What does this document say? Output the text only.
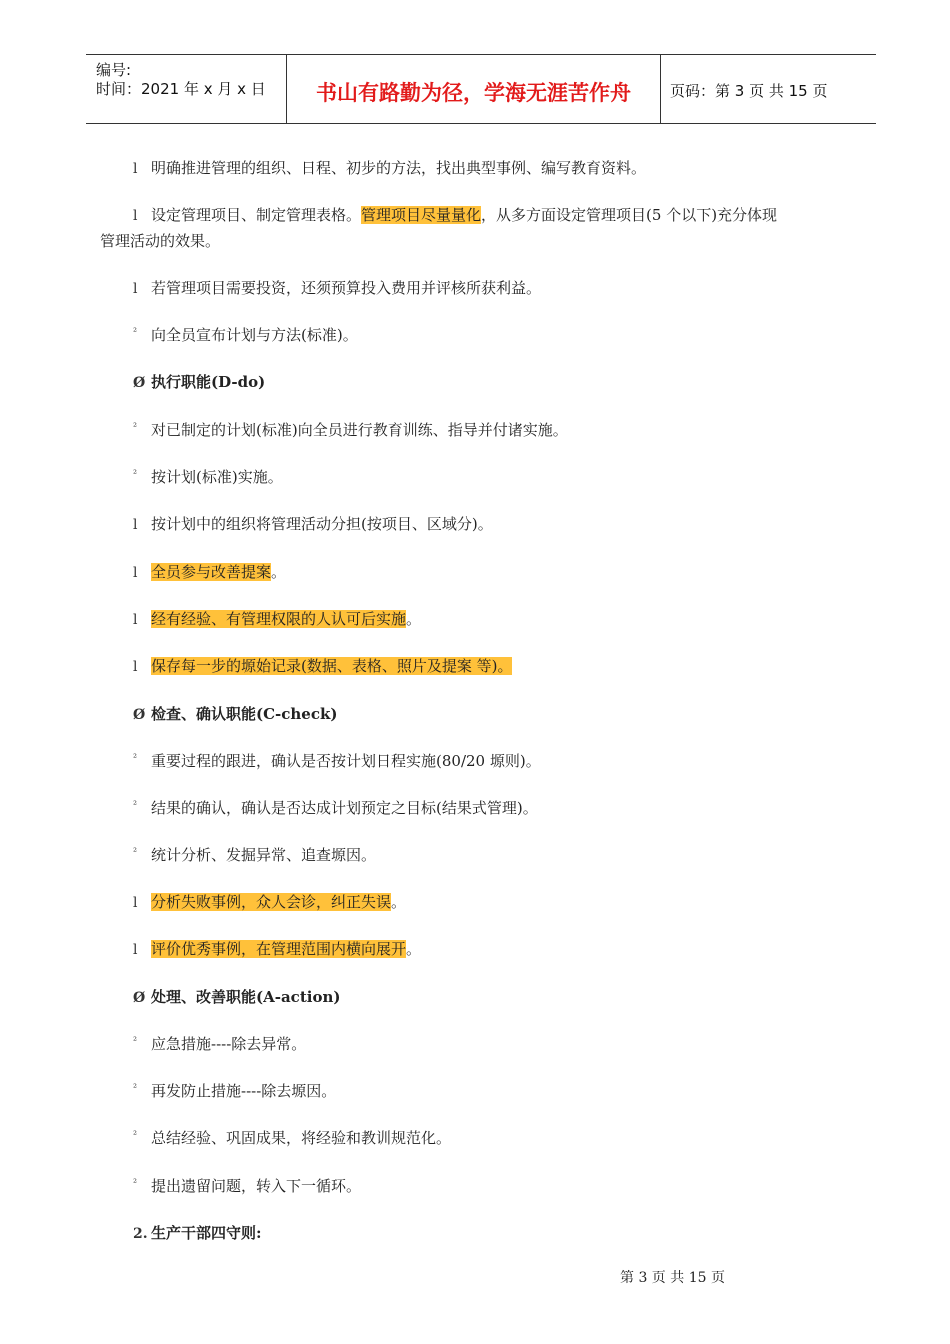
编号:
时间：2021 年 x 月 x 日	书山有路勤为径，学海无涯苦作舟	页码：第 3 页 共 15 页
l 明确推进管理的组织、日程、初步的方法，找出典型事例、编写教育资料。
l 设定管理项目、制定管理表格。管理项目尽量量化，从多方面设定管理项目(5 个以下)充分体现
管理活动的效果。
l 若管理项目需要投资，还须预算投入费用并评核所获利益。
² 向全员宣布计划与方法(标准)。
Ø 执行职能(D-do)
² 对已制定的计划(标准)向全员进行教育训练、指导并付诸实施。
² 按计划(标准)实施。
l 按计划中的组织将管理活动分担(按项目、区域分)。
l 全员参与改善提案。
l 经有经验、有管理权限的人认可后实施。
l 保存每一步的塬始记录(数据、表格、照片及提案 等)。
Ø 检查、确认职能(C-check)
² 重要过程的跟进，确认是否按计划日程实施(80/20 塬则)。
² 结果的确认，确认是否达成计划预定之目标(结果式管理)。
² 统计分析、发掘异常、追查塬因。
l 分析失败事例，众人会诊，纠正失误。
l 评价优秀事例，在管理范围内横向展开。
Ø 处理、改善职能(A-action)
² 应急措施----除去异常。
² 再发防止措施----除去塬因。
² 总结经验、巩固成果，将经验和教训规范化。
² 提出遗留问题，转入下一循环。
2. 生产干部四守则:
第 3 页 共 15 页
